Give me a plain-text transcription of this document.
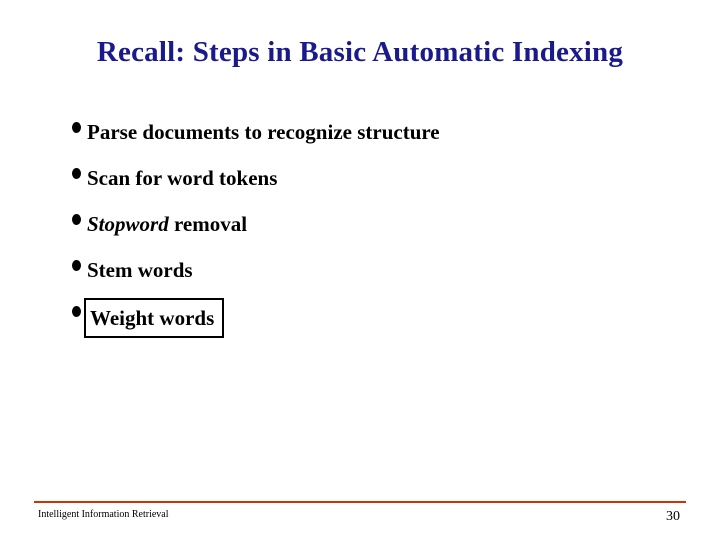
Recall: Steps in Basic Automatic Indexing
Parse documents to recognize structure
Scan for word tokens
Stopword removal
Stem words
Weight words
Intelligent Information Retrieval	30
